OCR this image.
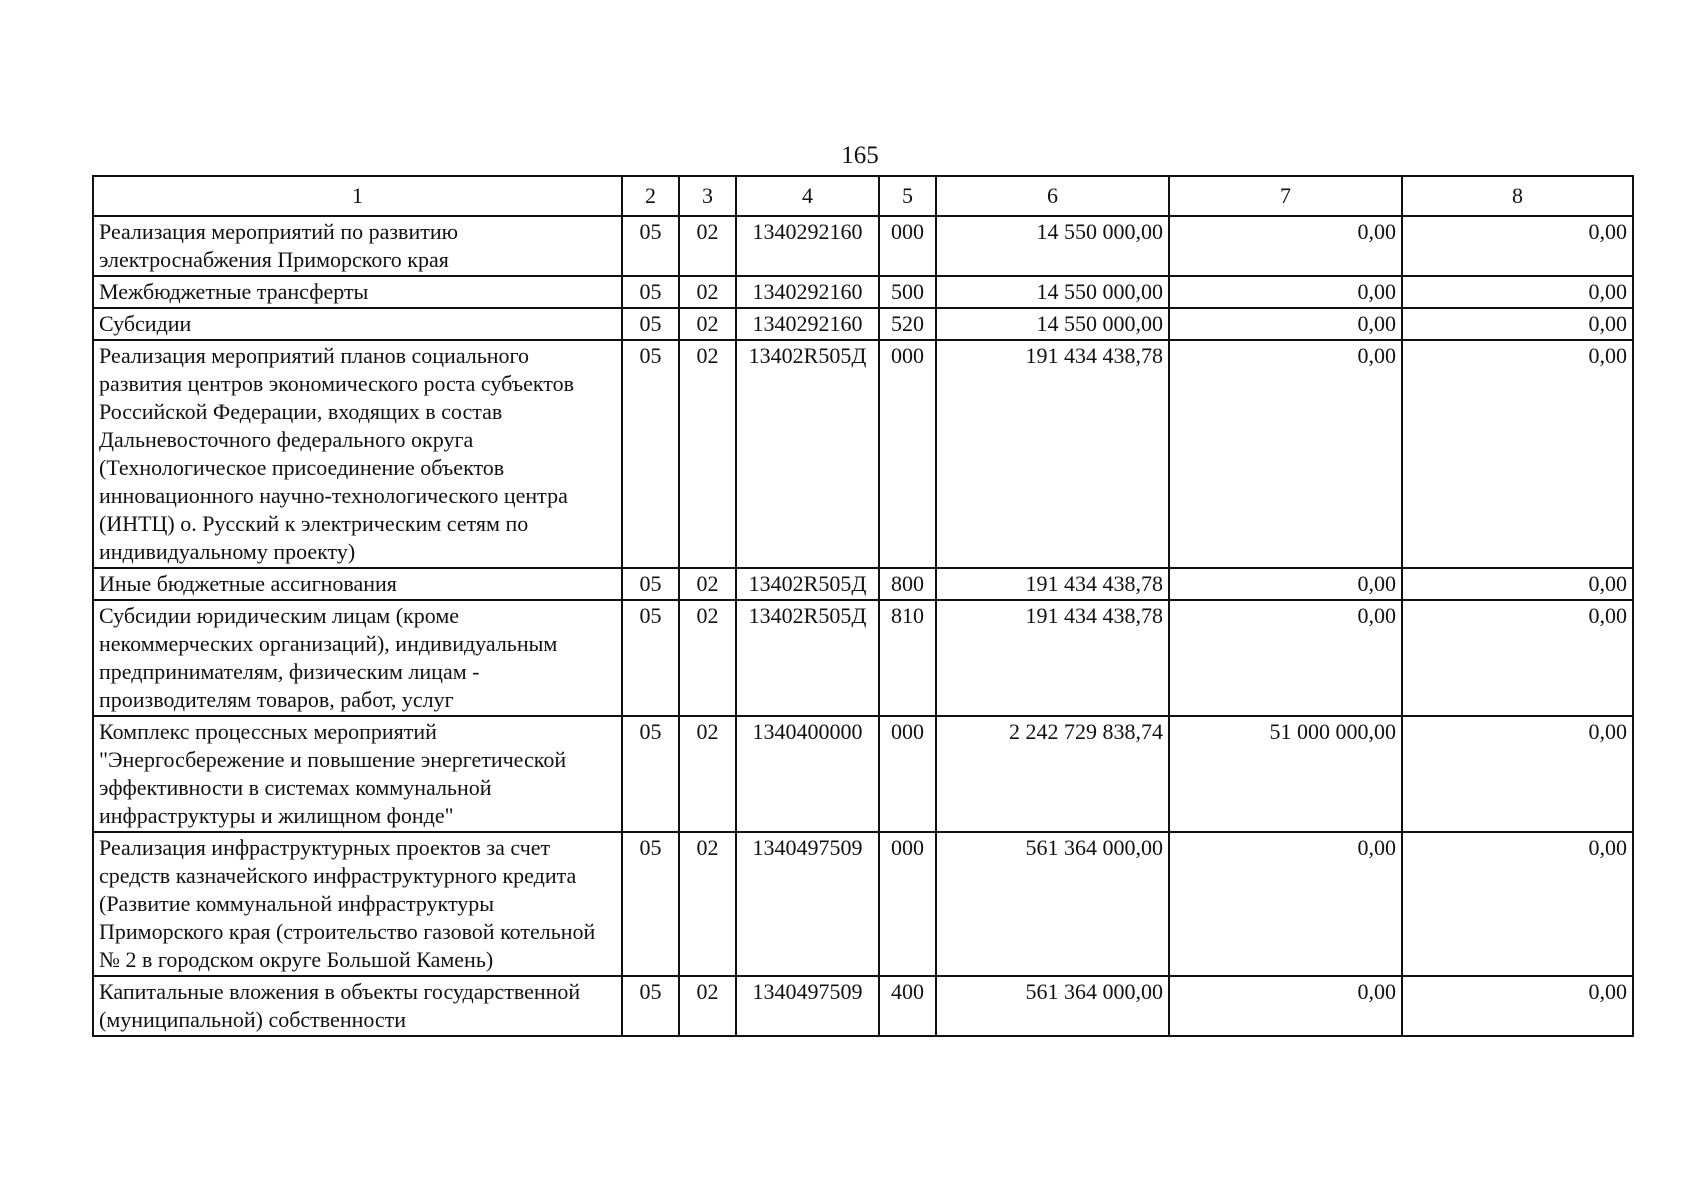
165
1	2	3	4	5	6	7	8
Реализация мероприятий по развитию электроснабжения Приморского края	05	02	1340292160	000	14 550 000,00	0,00	0,00
Межбюджетные трансферты	05	02	1340292160	500	14 550 000,00	0,00	0,00
Субсидии	05	02	1340292160	520	14 550 000,00	0,00	0,00
Реализация мероприятий планов социального развития центров экономического роста субъектов Российской Федерации, входящих в состав Дальневосточного федерального округа (Технологическое присоединение объектов инновационного научно-технологического центра (ИНТЦ) о. Русский к электрическим сетям по индивидуальному проекту)	05	02	13402R505Д	000	191 434 438,78	0,00	0,00
Иные бюджетные ассигнования	05	02	13402R505Д	800	191 434 438,78	0,00	0,00
Субсидии юридическим лицам (кроме некоммерческих организаций), индивидуальным предпринимателям, физическим лицам - производителям товаров, работ, услуг	05	02	13402R505Д	810	191 434 438,78	0,00	0,00
Комплекс процессных мероприятий "Энергосбережение и повышение энергетической эффективности в системах коммунальной инфраструктуры и жилищном фонде"	05	02	1340400000	000	2 242 729 838,74	51 000 000,00	0,00
Реализация инфраструктурных проектов за счет средств казначейского инфраструктурного кредита (Развитие коммунальной инфраструктуры Приморского края (строительство газовой котельной № 2 в городском округе Большой Камень)	05	02	1340497509	000	561 364 000,00	0,00	0,00
Капитальные вложения в объекты государственной (муниципальной) собственности	05	02	1340497509	400	561 364 000,00	0,00	0,00
